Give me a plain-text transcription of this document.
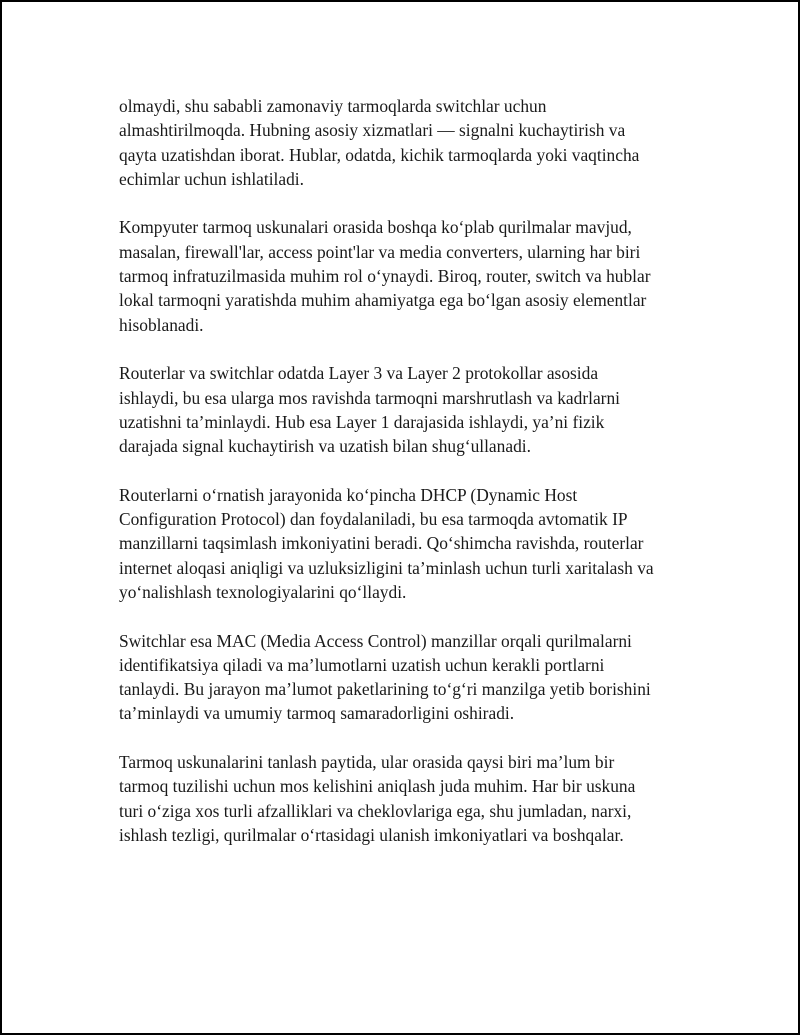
olmaydi, shu sababli zamonaviy tarmoqlarda switchlar uchun
almashtirilmoqda. Hubning asosiy xizmatlari — signalni kuchaytirish va
qayta uzatishdan iborat. Hublar, odatda, kichik tarmoqlarda yoki vaqtincha
echimlar uchun ishlatiladi.

Kompyuter tarmoq uskunalari orasida boshqa koʻplab qurilmalar mavjud,
masalan, firewall'lar, access point'lar va media converters, ularning har biri
tarmoq infratuzilmasida muhim rol oʻynaydi. Biroq, router, switch va hublar
lokal tarmoqni yaratishda muhim ahamiyatga ega boʻlgan asosiy elementlar
hisoblanadi.

Routerlar va switchlar odatda Layer 3 va Layer 2 protokollar asosida
ishlaydi, bu esa ularga mos ravishda tarmoqni marshrutlash va kadrlarni
uzatishni taʼminlaydi. Hub esa Layer 1 darajasida ishlaydi, yaʼni fizik
darajada signal kuchaytirish va uzatish bilan shugʻullanadi.

Routerlarni oʻrnatish jarayonida koʻpincha DHCP (Dynamic Host
Configuration Protocol) dan foydalaniladi, bu esa tarmoqda avtomatik IP
manzillarni taqsimlash imkoniyatini beradi. Qoʻshimcha ravishda, routerlar
internet aloqasi aniqligi va uzluksizligini taʼminlash uchun turli xaritalash va
yoʻnalishlash texnologiyalarini qoʻllaydi.

Switchlar esa MAC (Media Access Control) manzillar orqali qurilmalarni
identifikatsiya qiladi va maʼlumotlarni uzatish uchun kerakli portlarni
tanlaydi. Bu jarayon maʼlumot paketlarining toʻgʻri manzilga yetib borishini
taʼminlaydi va umumiy tarmoq samaradorligini oshiradi.

Tarmoq uskunalarini tanlash paytida, ular orasida qaysi biri maʼlum bir
tarmoq tuzilishi uchun mos kelishini aniqlash juda muhim. Har bir uskuna
turi oʻziga xos turli afzalliklari va cheklovlariga ega, shu jumladan, narxi,
ishlash tezligi, qurilmalar oʻrtasidagi ulanish imkoniyatlari va boshqalar.
